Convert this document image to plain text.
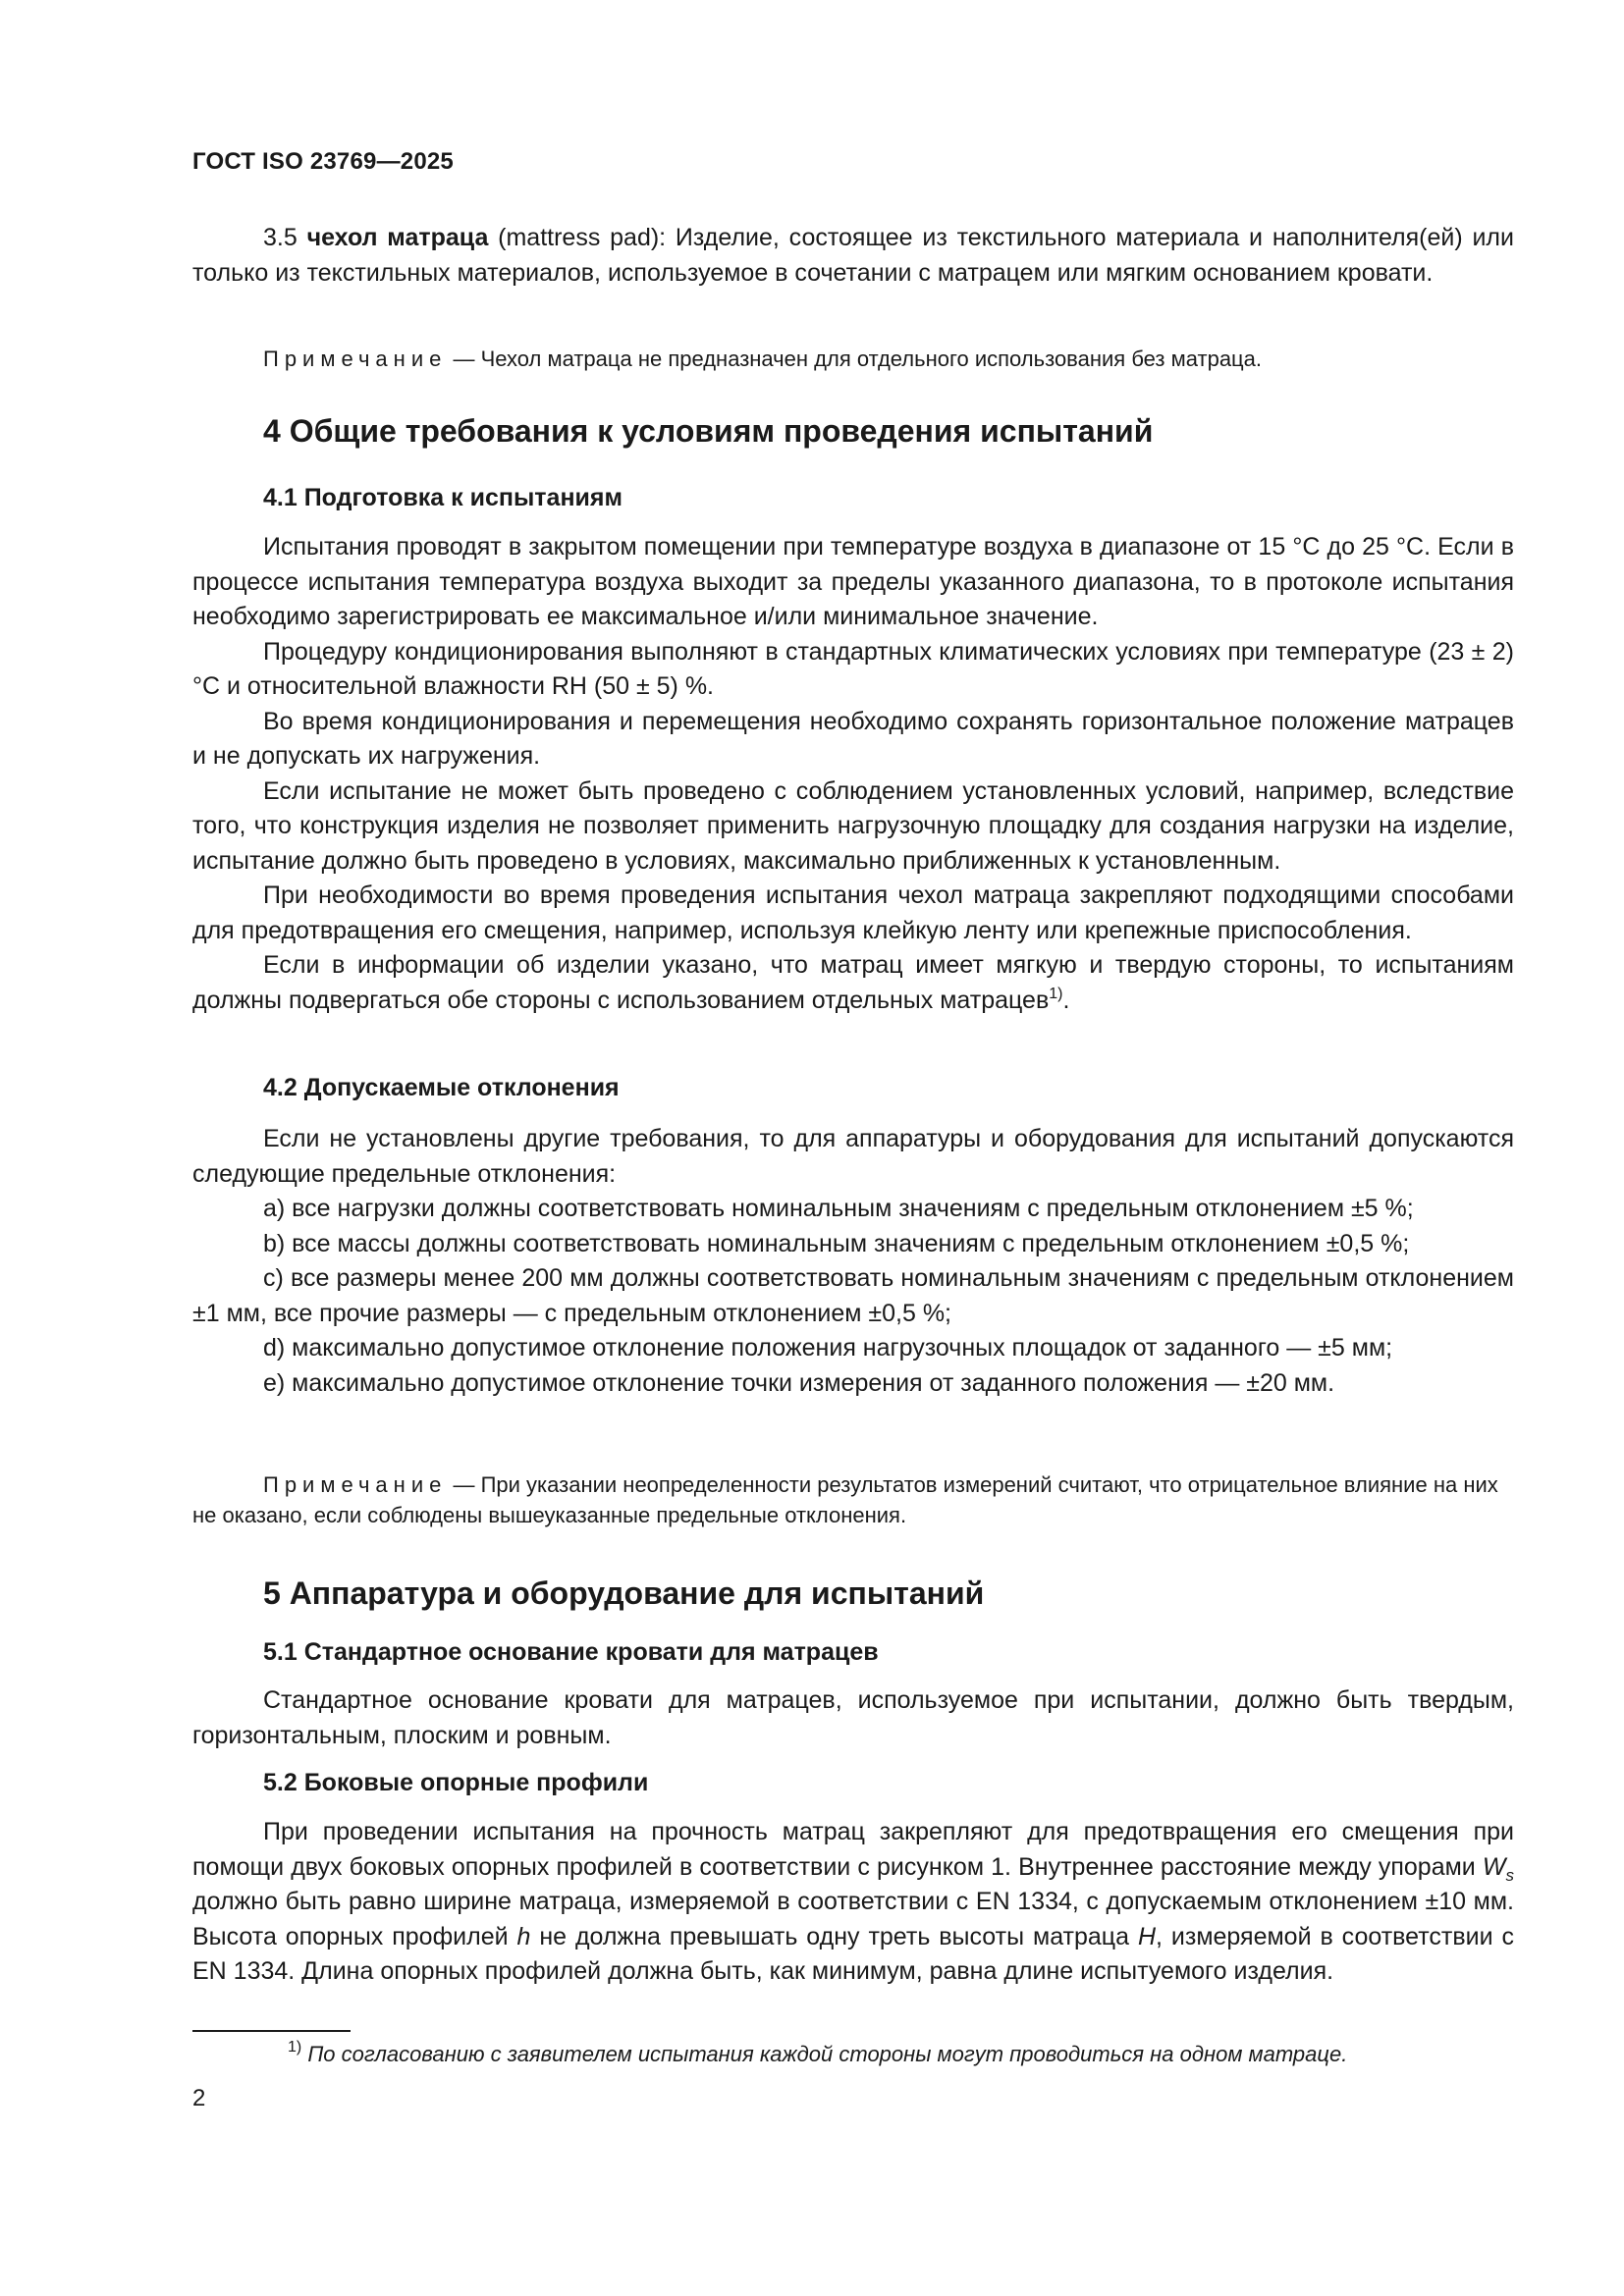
ГОСТ ISO 23769—2025
3.5 чехол матраца (mattress pad): Изделие, состоящее из текстильного материала и наполнителя(ей) или только из текстильных материалов, используемое в сочетании с матрацем или мягким основанием кровати.
Примечание — Чехол матраца не предназначен для отдельного использования без матраца.
4 Общие требования к условиям проведения испытаний
4.1 Подготовка к испытаниям

Испытания проводят в закрытом помещении при температуре воздуха в диапазоне от 15 °C до 25 °C. Если в процессе испытания температура воздуха выходит за пределы указанного диапазона, то в протоколе испытания необходимо зарегистрировать ее максимальное и/или минимальное значение.

Процедуру кондиционирования выполняют в стандартных климатических условиях при температуре (23 ± 2) °C и относительной влажности RH (50 ± 5) %.

Во время кондиционирования и перемещения необходимо сохранять горизонтальное положение матрацев и не допускать их нагружения.

Если испытание не может быть проведено с соблюдением установленных условий, например, вследствие того, что конструкция изделия не позволяет применить нагрузочную площадку для создания нагрузки на изделие, испытание должно быть проведено в условиях, максимально приближенных к установленным.

При необходимости во время проведения испытания чехол матраца закрепляют подходящими способами для предотвращения его смещения, например, используя клейкую ленту или крепежные приспособления.

Если в информации об изделии указано, что матрац имеет мягкую и твердую стороны, то испытаниям должны подвергаться обе стороны с использованием отдельных матрацев$^{1)}$.

4.2 Допускаемые отклонения

Если не установлены другие требования, то для аппаратуры и оборудования для испытаний допускаются следующие предельные отклонения:

a) все нагрузки должны соответствовать номинальным значениям с предельным отклонением ±5 %;

b) все массы должны соответствовать номинальным значениям с предельным отклонением ±0,5 %;

c) все размеры менее 200 мм должны соответствовать номинальным значениям с предельным отклонением ±1 мм, все прочие размеры — с предельным отклонением ±0,5 %;

d) максимально допустимое отклонение положения нагрузочных площадок от заданного — ±5 мм;

e) максимально допустимое отклонение точки измерения от заданного положения — ±20 мм.

Примечание — При указании неопределенности результатов измерений считают, что отрицательное влияние на них не оказано, если соблюдены вышеуказанные предельные отклонения.
5 Аппаратура и оборудование для испытаний
5.1 Стандартное основание кровати для матрацев

Стандартное основание кровати для матрацев, используемое при испытании, должно быть твердым, горизонтальным, плоским и ровным.

5.2 Боковые опорные профили

При проведении испытания на прочность матрац закрепляют для предотвращения его смещения при помощи двух боковых опорных профилей в соответствии с рисунком 1. Внутреннее расстояние между упорами $W_s$ должно быть равно ширине матраца, измеряемой в соответствии с EN 1334, с допускаемым отклонением ±10 мм. Высота опорных профилей h не должна превышать одну треть высоты матраца H, измеряемой в соответствии с EN 1334. Длина опорных профилей должна быть, как минимум, равна длине испытуемого изделия.

$^{1)}$ По согласованию с заявителем испытания каждой стороны могут проводиться на одном матраце.
2
